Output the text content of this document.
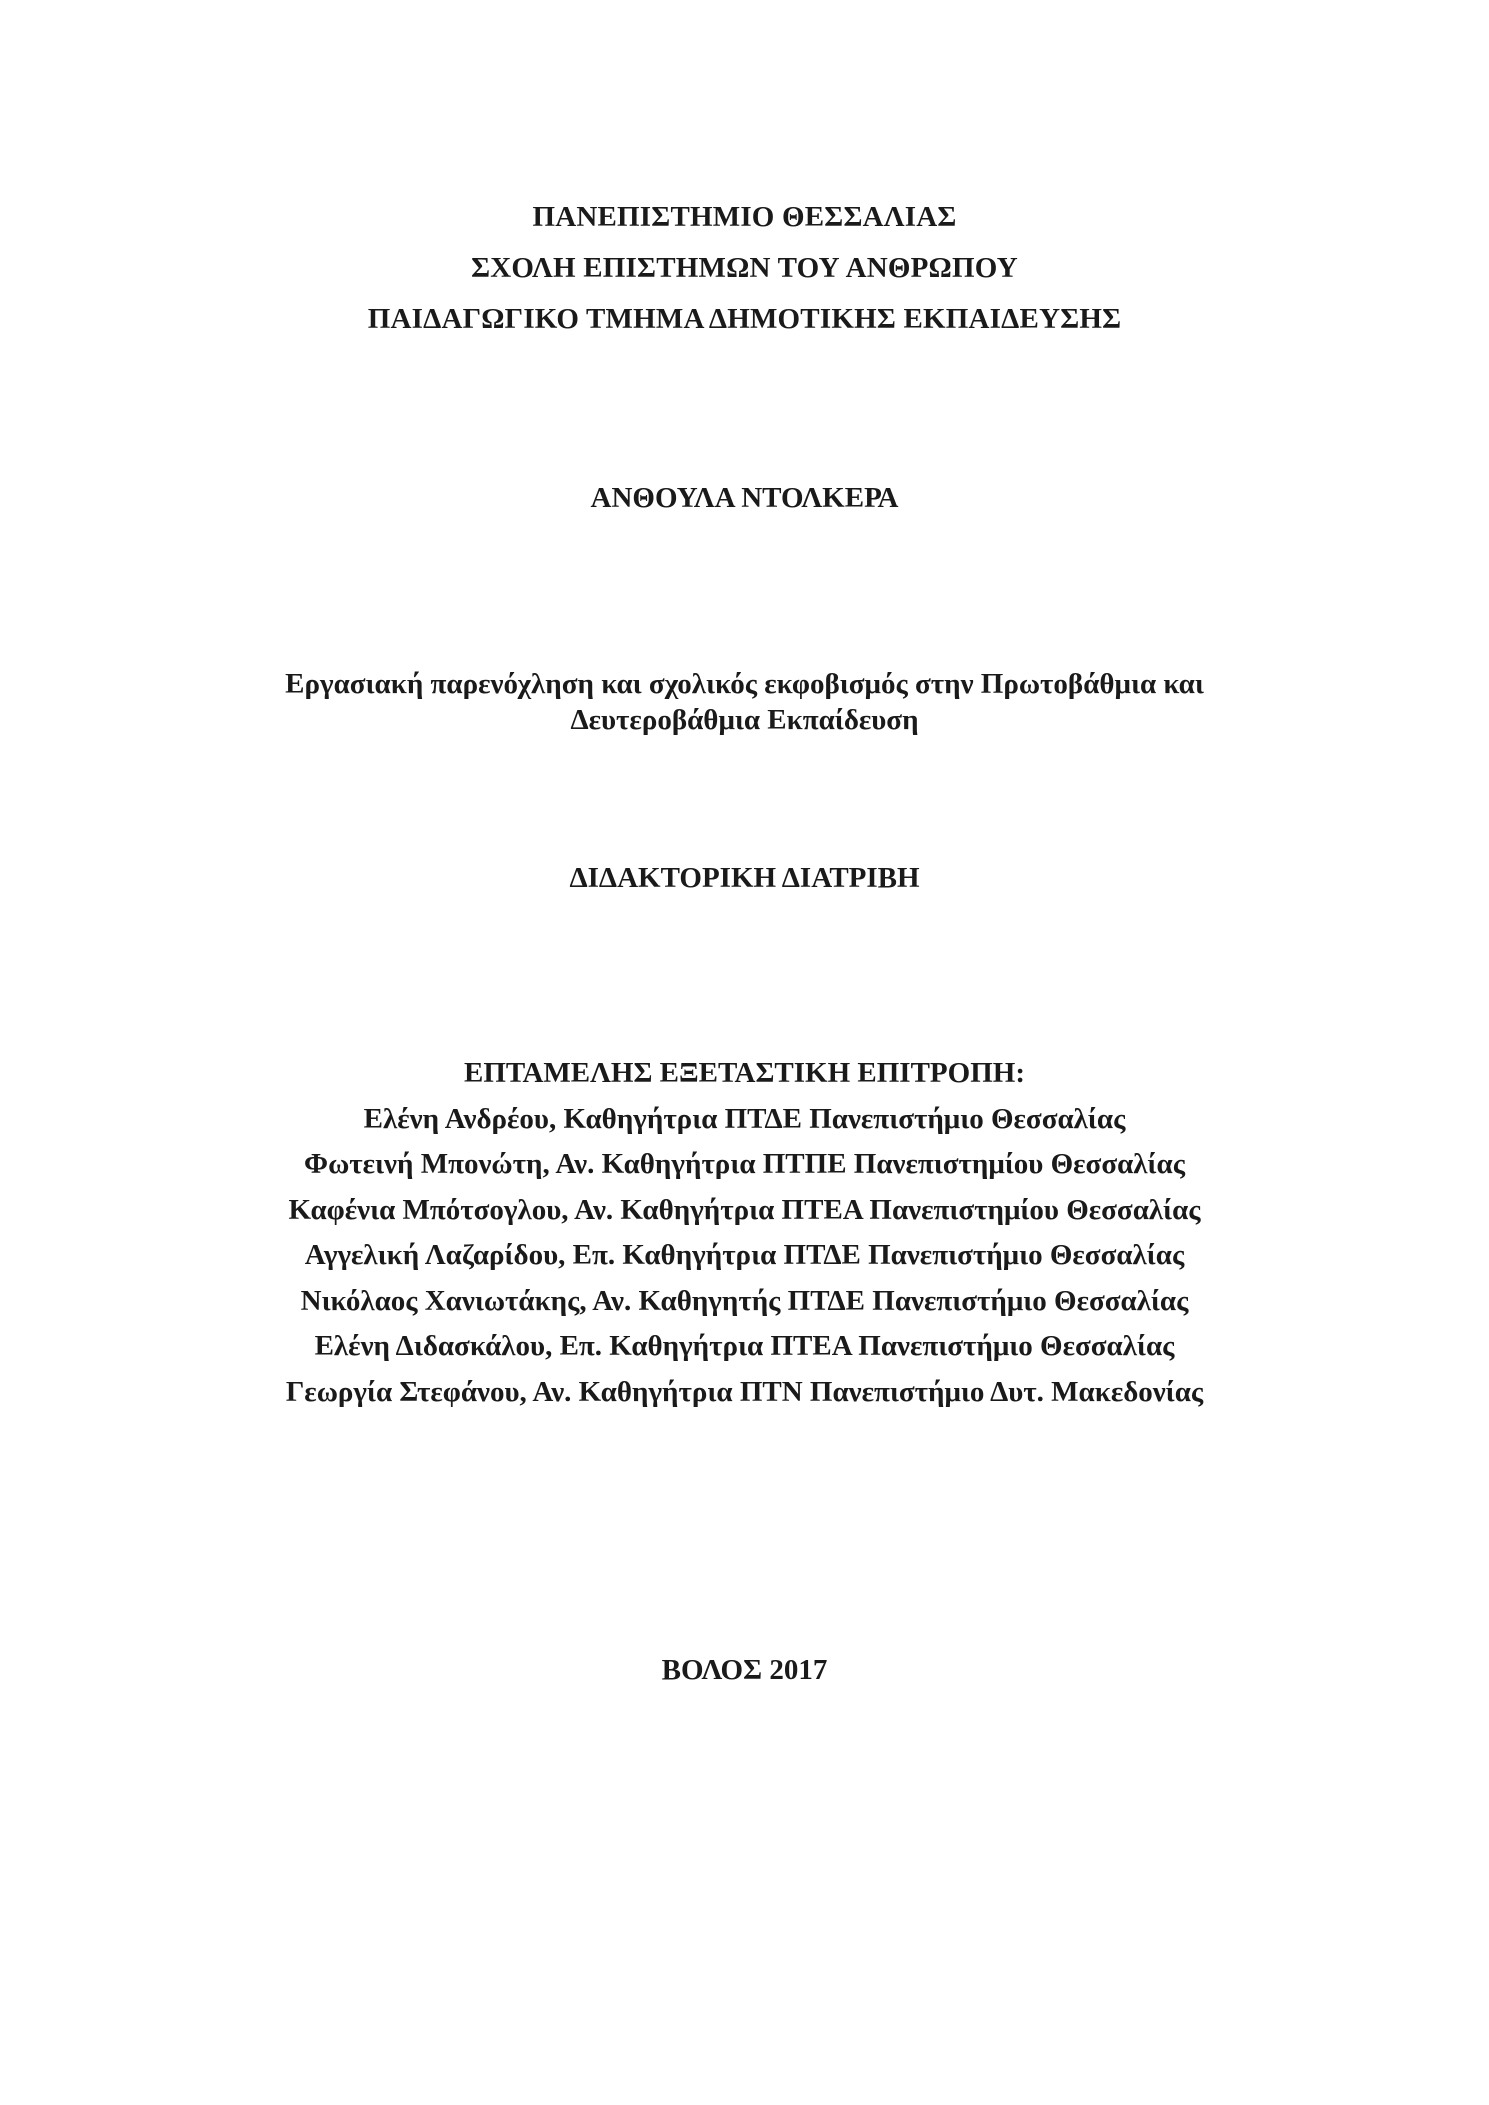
ΠΑΝΕΠΙΣΤΗΜΙΟ ΘΕΣΣΑΛΙΑΣ
ΣΧΟΛΗ ΕΠΙΣΤΗΜΩΝ ΤΟΥ ΑΝΘΡΩΠΟΥ
ΠΑΙΔΑΓΩΓΙΚΟ ΤΜΗΜΑ ΔΗΜΟΤΙΚΗΣ ΕΚΠΑΙΔΕΥΣΗΣ
ΑΝΘΟΥΛΑ ΝΤΟΛΚΕΡΑ
Εργασιακή παρενόχληση και σχολικός εκφοβισμός στην Πρωτοβάθμια και
Δευτεροβάθμια Εκπαίδευση
ΔΙΔΑΚΤΟΡΙΚΗ ΔΙΑΤΡΙΒΗ
ΕΠΤΑΜΕΛΗΣ ΕΞΕΤΑΣΤΙΚΗ ΕΠΙΤΡΟΠΗ:
Ελένη Ανδρέου, Καθηγήτρια ΠΤΔΕ Πανεπιστήμιο Θεσσαλίας
Φωτεινή Μπονώτη, Αν. Καθηγήτρια ΠΤΠΕ Πανεπιστημίου Θεσσαλίας
Καφένια Μπότσογλου, Αν. Καθηγήτρια ΠΤΕΑ Πανεπιστημίου Θεσσαλίας
Αγγελική Λαζαρίδου, Επ. Καθηγήτρια ΠΤΔΕ Πανεπιστήμιο Θεσσαλίας
Νικόλαος Χανιωτάκης, Αν. Καθηγητής ΠΤΔΕ Πανεπιστήμιο Θεσσαλίας
Ελένη Διδασκάλου, Επ. Καθηγήτρια ΠΤΕΑ Πανεπιστήμιο Θεσσαλίας
Γεωργία Στεφάνου, Αν. Καθηγήτρια ΠΤΝ Πανεπιστήμιο Δυτ. Μακεδονίας
ΒΟΛΟΣ 2017
